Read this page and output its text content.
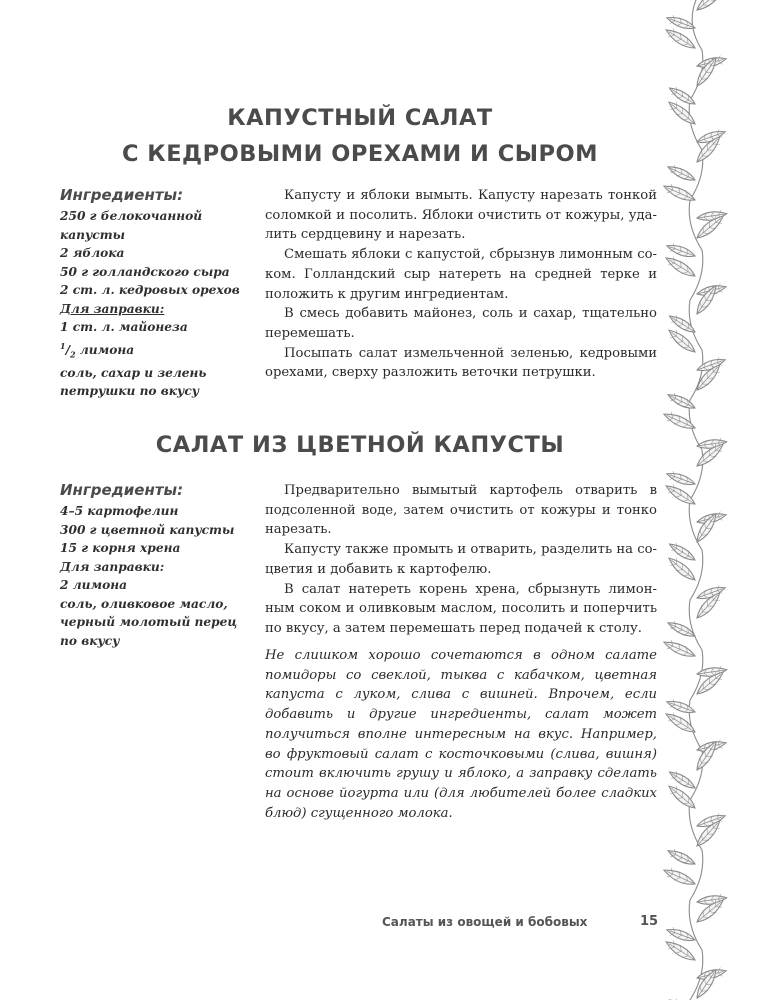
КАПУСТНЫЙ САЛАТ
С КЕДРОВЫМИ ОРЕХАМИ И СЫРОМ
Ингредиенты:
250 г белокочанной
капусты
2 яблока
50 г голландского сыра
2 ст. л. кедровых орехов
Для заправки:
1 ст. л. майонеза
$^1/_2$ лимона
соль, сахар и зелень
петрушки по вкусу

Капусту и яблоки вымыть. Капусту нарезать тонкой соломкой и посолить. Яблоки очистить от кожуры, удалить сердцевину и нарезать.

Смешать яблоки с капустой, сбрызнув лимонным соком. Голландский сыр натереть на средней терке и положить к другим ингредиентам.

В смесь добавить майонез, соль и сахар, тщательно перемешать.

Посыпать салат измельченной зеленью, кедровыми орехами, сверху разложить веточки петрушки.

САЛАТ ИЗ ЦВЕТНОЙ КАПУСТЫ
Ингредиенты:
4–5 картофелин
300 г цветной капусты
15 г корня хрена
Для заправки:
2 лимона
соль, оливковое масло,
черный молотый перец
по вкусу

Предварительно вымытый картофель отварить в подсоленной воде, затем очистить от кожуры и тонко нарезать.

Капусту также промыть и отварить, разделить на соцветия и добавить к картофелю.

В салат натереть корень хрена, сбрызнуть лимонным соком и оливковым маслом, посолить и поперчить по вкусу, а затем перемешать перед подачей к столу.

Не слишком хорошо сочетаются в одном салате помидоры со свеклой, тыква с кабачком, цветная капуста с луком, слива с вишней. Впрочем, если добавить и другие ингредиенты, салат может получиться вполне интересным на вкус. Например, во фруктовый салат с косточковыми (слива, вишня) стоит включить грушу и яблоко, а заправку сделать на основе йогурта или (для любителей более сладких блюд) сгущенного молока.

Салаты из овощей и бобовых	15
